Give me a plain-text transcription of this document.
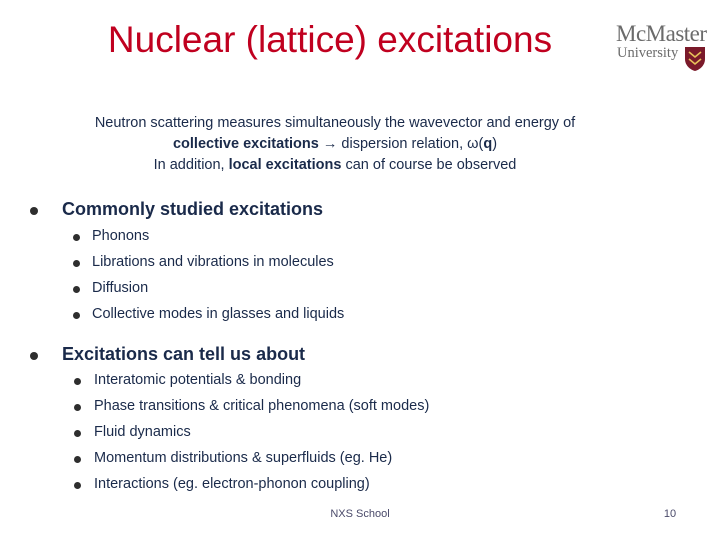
Nuclear (lattice) excitations	McMaster
University
Neutron scattering measures simultaneously the wavevector and energy of
collective excitations → dispersion relation, ω(q)
In addition, local excitations can of course be observed
Commonly studied excitations
Phonons
Librations and vibrations in molecules
Diffusion
Collective modes in glasses and liquids
Excitations can tell us about
Interatomic potentials & bonding
Phase transitions & critical phenomena (soft modes)
Fluid dynamics
Momentum distributions & superfluids (eg. He)
Interactions (eg. electron-phonon coupling)
NXS School	10
